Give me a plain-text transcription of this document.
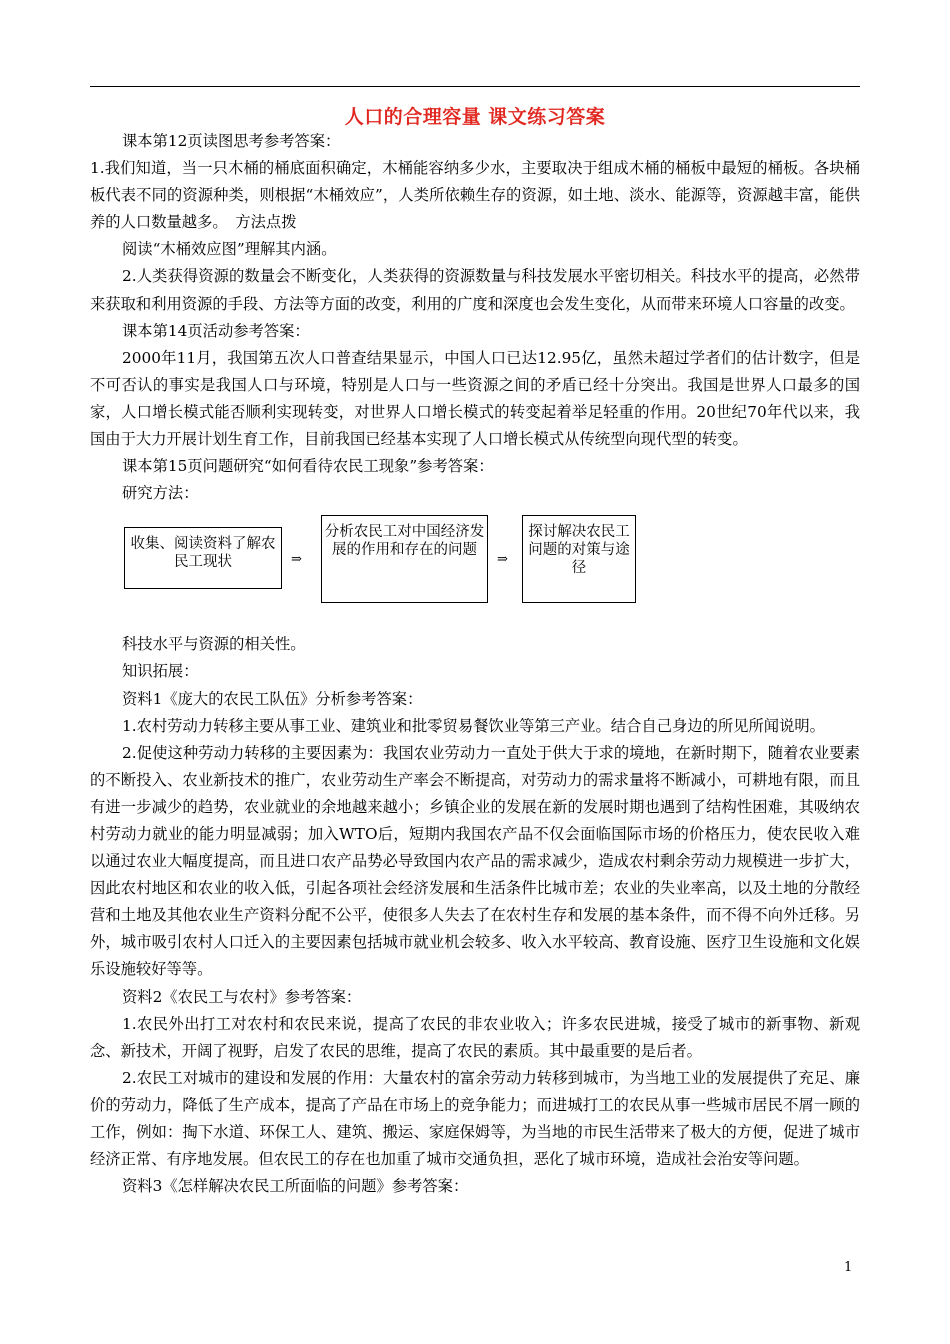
人口的合理容量 课文练习答案

课本第12页读图思考参考答案：

1.我们知道，当一只木桶的桶底面积确定，木桶能容纳多少水，主要取决于组成木桶的桶板中最短的桶板。各块桶板代表不同的资源种类，则根据“木桶效应”，人类所依赖生存的资源，如土地、淡水、能源等，资源越丰富，能供养的人口数量越多。　方法点拨

阅读“木桶效应图”理解其内涵。

2.人类获得资源的数量会不断变化，人类获得的资源数量与科技发展水平密切相关。科技水平的提高，必然带来获取和利用资源的手段、方法等方面的改变，利用的广度和深度也会发生变化，从而带来环境人口容量的改变。

课本第14页活动参考答案：

2000年11月，我国第五次人口普查结果显示，中国人口已达12.95亿，虽然未超过学者们的估计数字，但是不可否认的事实是我国人口与环境，特别是人口与一些资源之间的矛盾已经十分突出。我国是世界人口最多的国家，人口增长模式能否顺利实现转变，对世界人口增长模式的转变起着举足轻重的作用。20世纪70年代以来，我国由于大力开展计划生育工作，目前我国已经基本实现了人口增长模式从传统型向现代型的转变。

课本第15页问题研究“如何看待农民工现象”参考答案：

研究方法：

收集、阅读资料了解农民工现状	⇒
分析农民工对中国经济发展的作用和存在的问题
⇒
探讨解决农民工问题的对策与途径

科技水平与资源的相关性。

知识拓展：

资料1《庞大的农民工队伍》分析参考答案：

1.农村劳动力转移主要从事工业、建筑业和批零贸易餐饮业等第三产业。结合自己身边的所见所闻说明。

2.促使这种劳动力转移的主要因素为：我国农业劳动力一直处于供大于求的境地，在新时期下，随着农业要素的不断投入、农业新技术的推广，农业劳动生产率会不断提高，对劳动力的需求量将不断减小，可耕地有限，而且有进一步减少的趋势，农业就业的余地越来越小；乡镇企业的发展在新的发展时期也遇到了结构性困难，其吸纳农村劳动力就业的能力明显减弱；加入WTO后，短期内我国农产品不仅会面临国际市场的价格压力，使农民收入难以通过农业大幅度提高，而且进口农产品势必导致国内农产品的需求减少，造成农村剩余劳动力规模进一步扩大，因此农村地区和农业的收入低，引起各项社会经济发展和生活条件比城市差；农业的失业率高，以及土地的分散经营和土地及其他农业生产资料分配不公平，使很多人失去了在农村生存和发展的基本条件，而不得不向外迁移。另外，城市吸引农村人口迁入的主要因素包括城市就业机会较多、收入水平较高、教育设施、医疗卫生设施和文化娱乐设施较好等等。

资料2《农民工与农村》参考答案：

1.农民外出打工对农村和农民来说，提高了农民的非农业收入；许多农民进城，接受了城市的新事物、新观念、新技术，开阔了视野，启发了农民的思维，提高了农民的素质。其中最重要的是后者。

2.农民工对城市的建设和发展的作用：大量农村的富余劳动力转移到城市，为当地工业的发展提供了充足、廉价的劳动力，降低了生产成本，提高了产品在市场上的竞争能力；而进城打工的农民从事一些城市居民不屑一顾的工作，例如：掏下水道、环保工人、建筑、搬运、家庭保姆等，为当地的市民生活带来了极大的方便，促进了城市经济正常、有序地发展。但农民工的存在也加重了城市交通负担，恶化了城市环境，造成社会治安等问题。

资料3《怎样解决农民工所面临的问题》参考答案：

1
